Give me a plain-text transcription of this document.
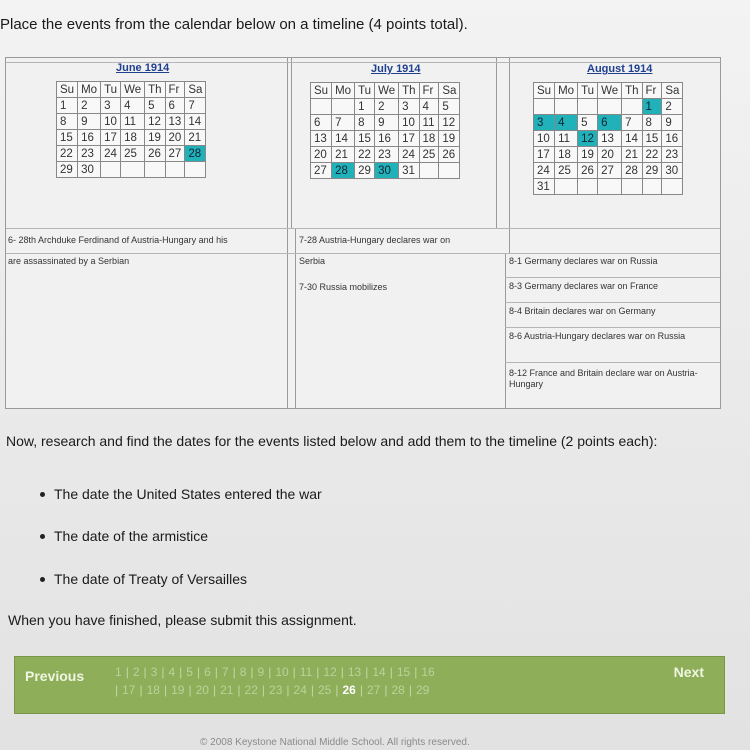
Place the events from the calendar below on a timeline (4 points total).
June 1914	July 1914	August 1914
Su	Mo	Tu	We	Th	Fr	Sa
1	2	3	4	5	6	7
8	9	10	11	12	13	14
15	16	17	18	19	20	21
22	23	24	25	26	27	28
29	30					
Su	Mo	Tu	We	Th	Fr	Sa
		1	2	3	4	5
6	7	8	9	10	11	12
13	14	15	16	17	18	19
20	21	22	23	24	25	26
27	28	29	30	31		
Su	Mo	Tu	We	Th	Fr	Sa
					1	2
3	4	5	6	7	8	9
10	11	12	13	14	15	16
17	18	19	20	21	22	23
24	25	26	27	28	29	30
31						
6- 28th Archduke Ferdinand of Austria-Hungary and his
are assassinated by a Serbian
7-28 Austria-Hungary declares war on
Serbia
7-30 Russia mobilizes
8-1 Germany declares war on Russia
8-3 Germany declares war on France
8-4 Britain declares war on Germany
8-6 Austria-Hungary declares war on Russia
8-12 France and Britain declare war on Austria-Hungary
Now, research and find the dates for the events listed below and add them to the timeline (2 points each):
The date the United States entered the war
The date of the armistice
The date of Treaty of Versailles
When you have finished, please submit this assignment.
Previous	1 | 2 | 3 | 4 | 5 | 6 | 7 | 8 | 9 | 10 | 11 | 12 | 13 | 14 | 15 | 16
| 17 | 18 | 19 | 20 | 21 | 22 | 23 | 24 | 25 | 26 | 27 | 28 | 29
Next
© 2008 Keystone National Middle School. All rights reserved.
